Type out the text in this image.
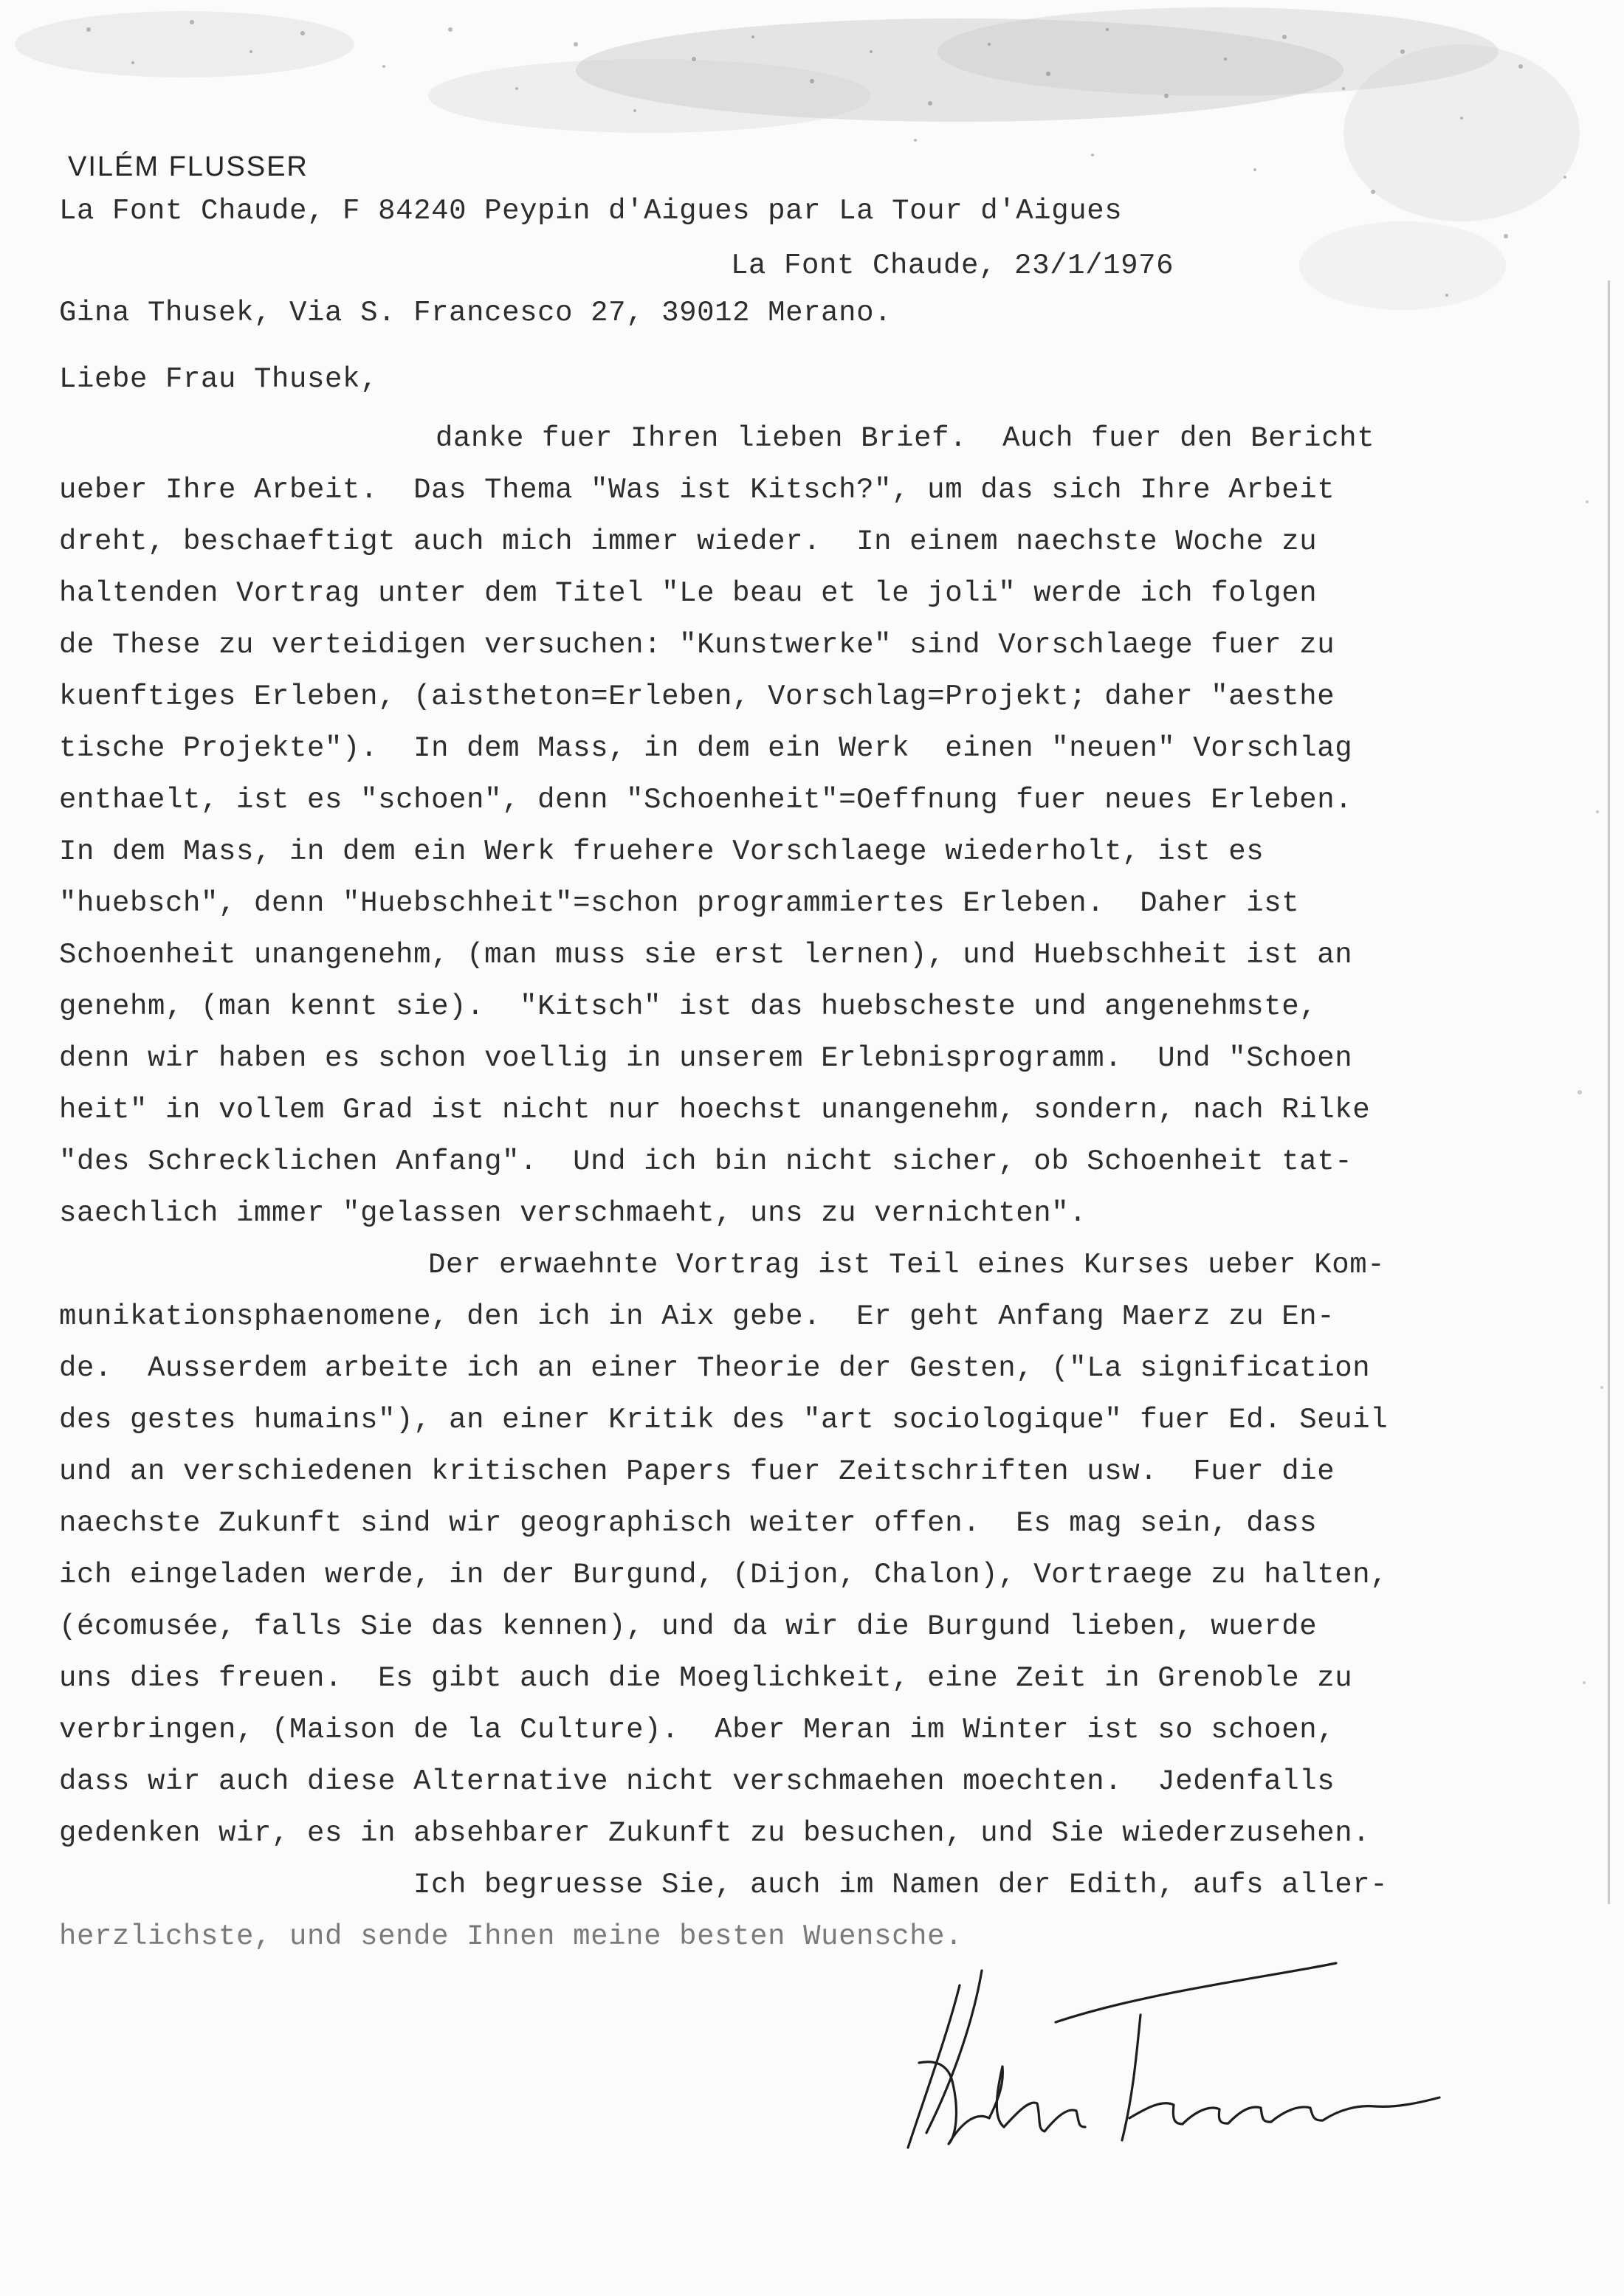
VILÉM FLUSSER
La Font Chaude, F 84240 Peypin d'Aigues par La Tour d'Aigues
La Font Chaude, 23/1/1976
Gina Thusek, Via S. Francesco 27, 39012 Merano.
Liebe Frau Thusek,
danke fuer Ihren lieben Brief.  Auch fuer den Bericht
ueber Ihre Arbeit.  Das Thema "Was ist Kitsch?", um das sich Ihre Arbeit
dreht, beschaeftigt auch mich immer wieder.  In einem naechste Woche zu
haltenden Vortrag unter dem Titel "Le beau et le joli" werde ich folgen
de These zu verteidigen versuchen: "Kunstwerke" sind Vorschlaege fuer zu
kuenftiges Erleben, (aistheton=Erleben, Vorschlag=Projekt; daher "aesthe
tische Projekte").  In dem Mass, in dem ein Werk  einen "neuen" Vorschlag
enthaelt, ist es "schoen", denn "Schoenheit"=Oeffnung fuer neues Erleben.
In dem Mass, in dem ein Werk fruehere Vorschlaege wiederholt, ist es
"huebsch", denn "Huebschheit"=schon programmiertes Erleben.  Daher ist
Schoenheit unangenehm, (man muss sie erst lernen), und Huebschheit ist an
genehm, (man kennt sie).  "Kitsch" ist das huebscheste und angenehmste,
denn wir haben es schon voellig in unserem Erlebnisprogramm.  Und "Schoen
heit" in vollem Grad ist nicht nur hoechst unangenehm, sondern, nach Rilke
"des Schrecklichen Anfang".  Und ich bin nicht sicher, ob Schoenheit tat-
saechlich immer "gelassen verschmaeht, uns zu vernichten".
Der erwaehnte Vortrag ist Teil eines Kurses ueber Kom-
munikationsphaenomene, den ich in Aix gebe.  Er geht Anfang Maerz zu En-
de.  Ausserdem arbeite ich an einer Theorie der Gesten, ("La signification
des gestes humains"), an einer Kritik des "art sociologique" fuer Ed. Seuil
und an verschiedenen kritischen Papers fuer Zeitschriften usw.  Fuer die
naechste Zukunft sind wir geographisch weiter offen.  Es mag sein, dass
ich eingeladen werde, in der Burgund, (Dijon, Chalon), Vortraege zu halten,
(écomusée, falls Sie das kennen), und da wir die Burgund lieben, wuerde
uns dies freuen.  Es gibt auch die Moeglichkeit, eine Zeit in Grenoble zu
verbringen, (Maison de la Culture).  Aber Meran im Winter ist so schoen,
dass wir auch diese Alternative nicht verschmaehen moechten.  Jedenfalls
gedenken wir, es in absehbarer Zukunft zu besuchen, und Sie wiederzusehen.
Ich begruesse Sie, auch im Namen der Edith, aufs aller-
herzlichste, und sende Ihnen meine besten Wuensche.
